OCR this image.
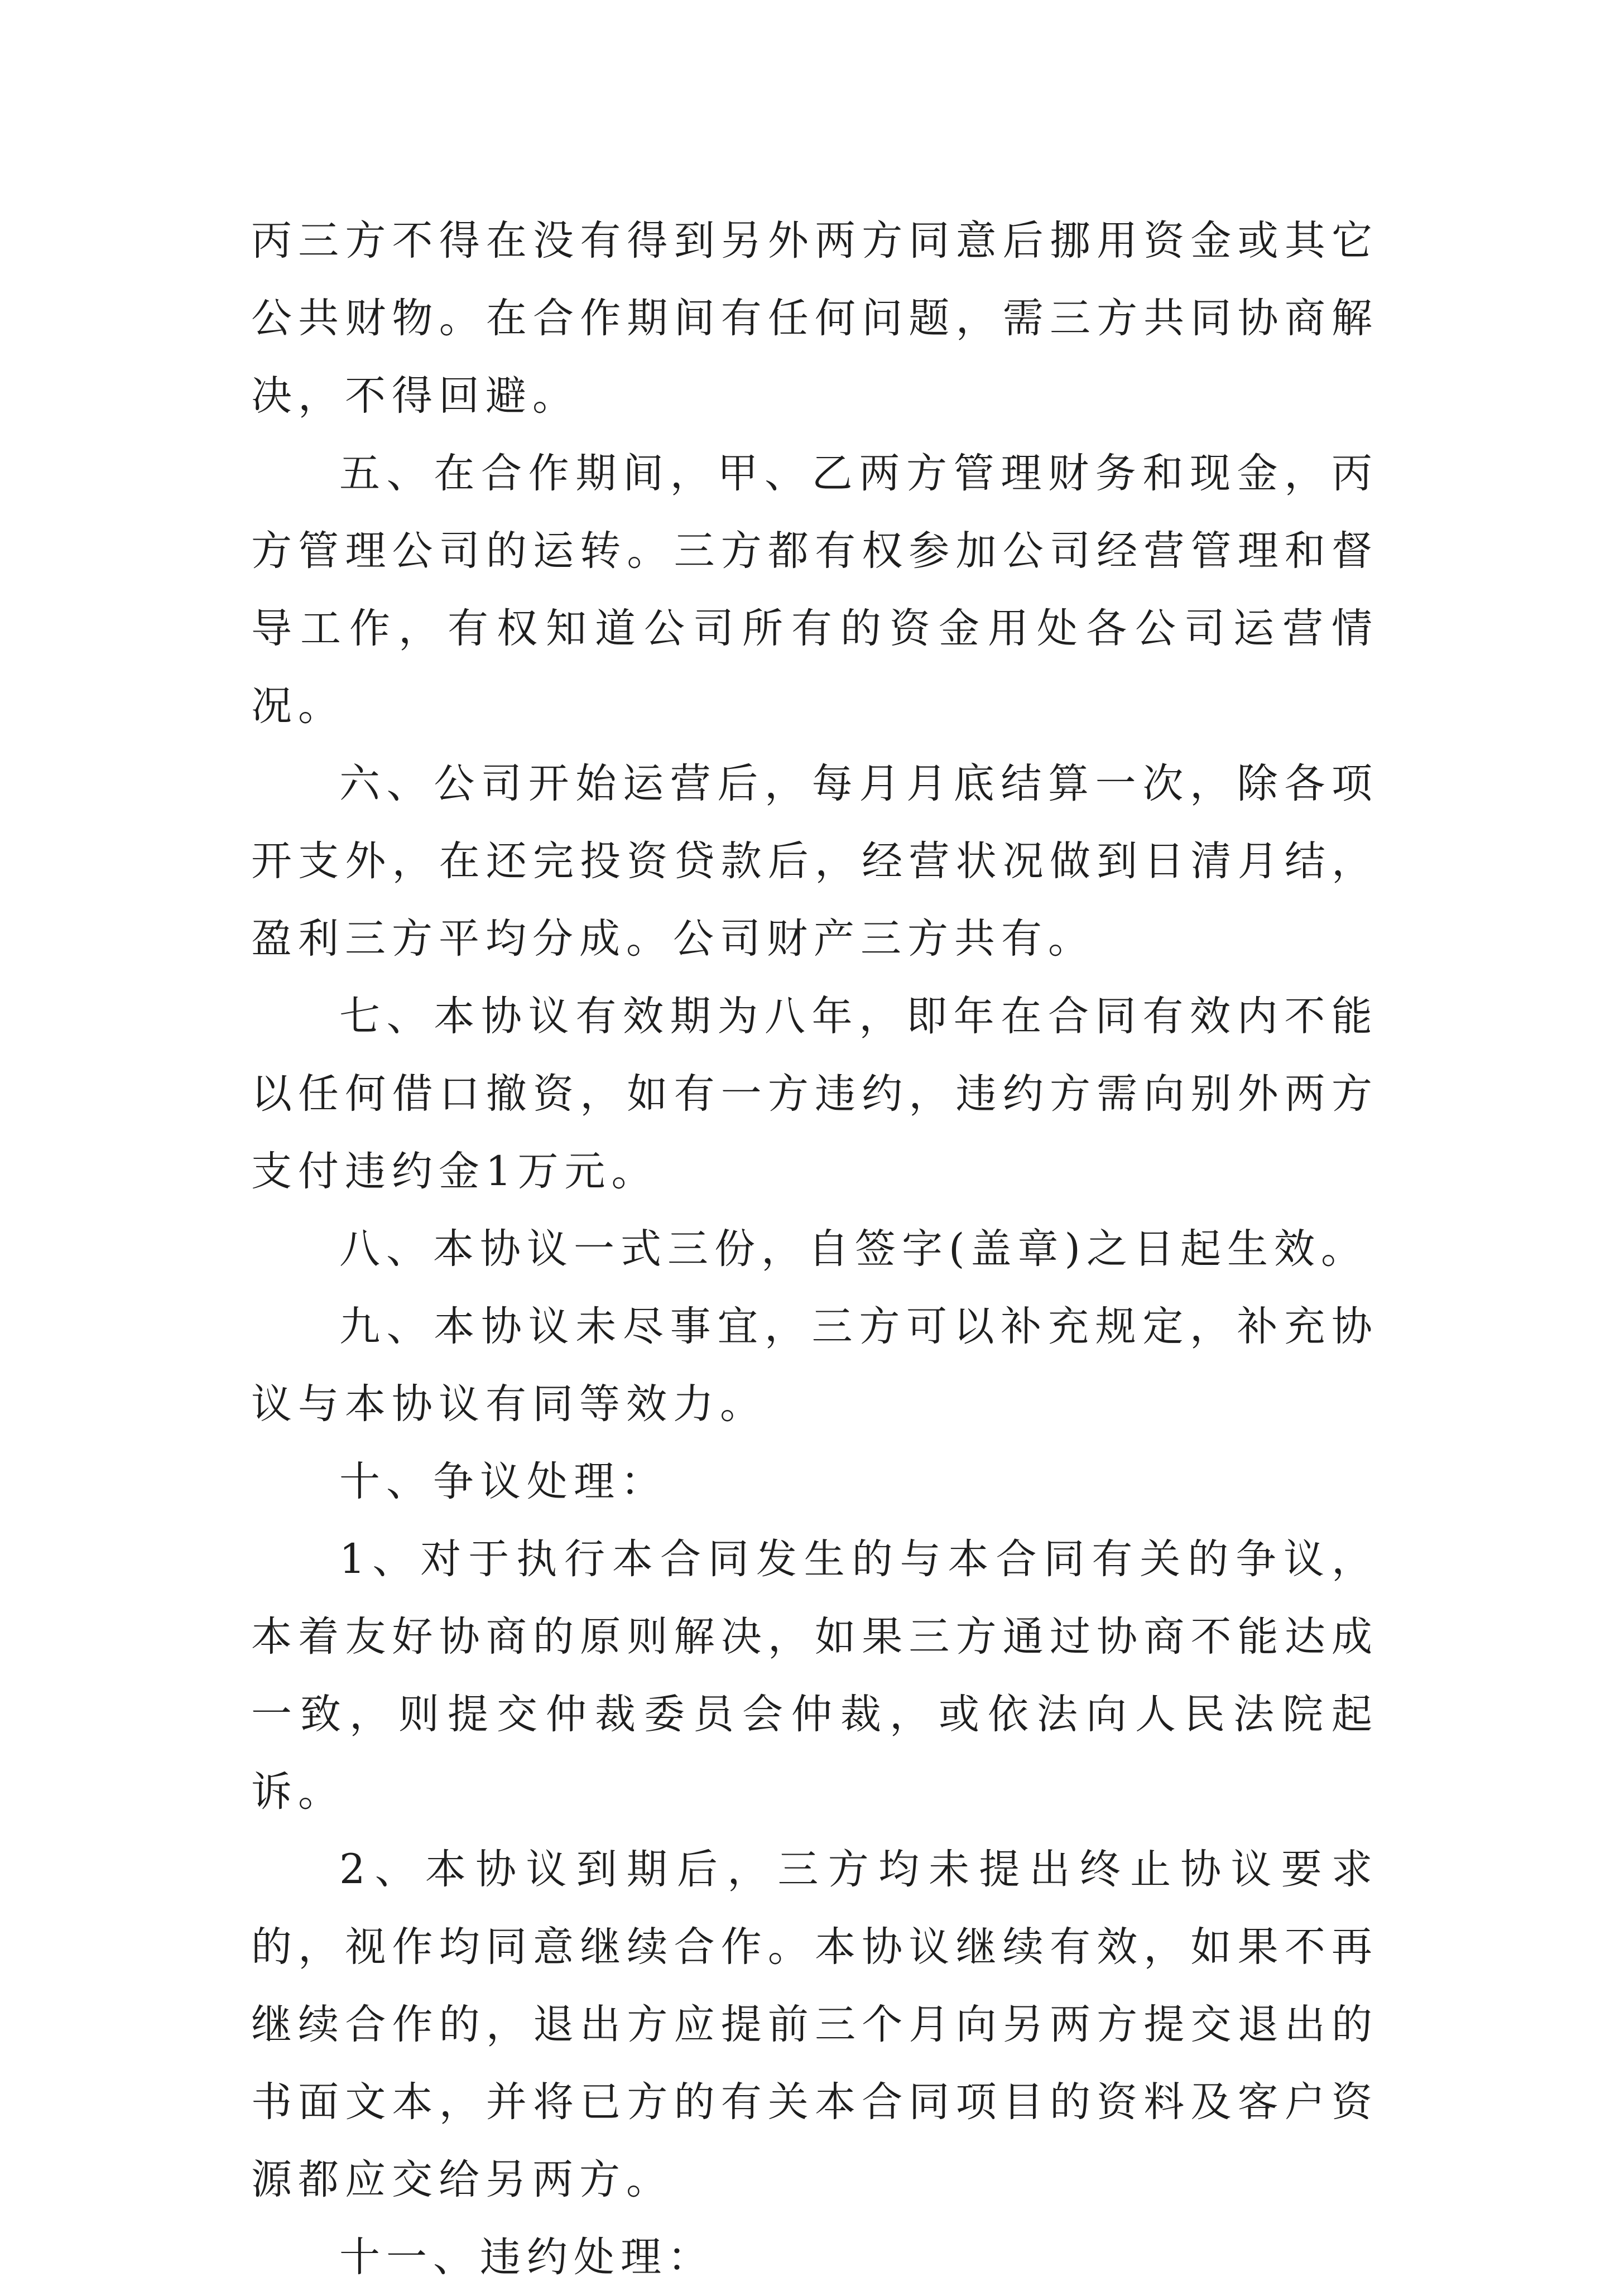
丙三方不得在没有得到另外两方同意后挪用资金或其它公共财物。在合作期间有任何问题，需三方共同协商解决，不得回避。

五、在合作期间，甲、乙两方管理财务和现金，丙方管理公司的运转。三方都有权参加公司经营管理和督导工作，有权知道公司所有的资金用处各公司运营情况。

六、公司开始运营后，每月月底结算一次，除各项开支外，在还完投资贷款后，经营状况做到日清月结，盈利三方平均分成。公司财产三方共有。

七、本协议有效期为八年，即年在合同有效内不能以任何借口撤资，如有一方违约，违约方需向别外两方支付违约金1万元。

八、本协议一式三份，自签字(盖章)之日起生效。

九、本协议未尽事宜，三方可以补充规定，补充协议与本协议有同等效力。

十、争议处理：

1、对于执行本合同发生的与本合同有关的争议，本着友好协商的原则解决，如果三方通过协商不能达成一致，则提交仲裁委员会仲裁，或依法向人民法院起诉。

2、本协议到期后，三方均未提出终止协议要求的，视作均同意继续合作。本协议继续有效，如果不再继续合作的，退出方应提前三个月向另两方提交退出的书面文本，并将已方的有关本合同项目的资料及客户资源都应交给另两方。

十一、违约处理：
